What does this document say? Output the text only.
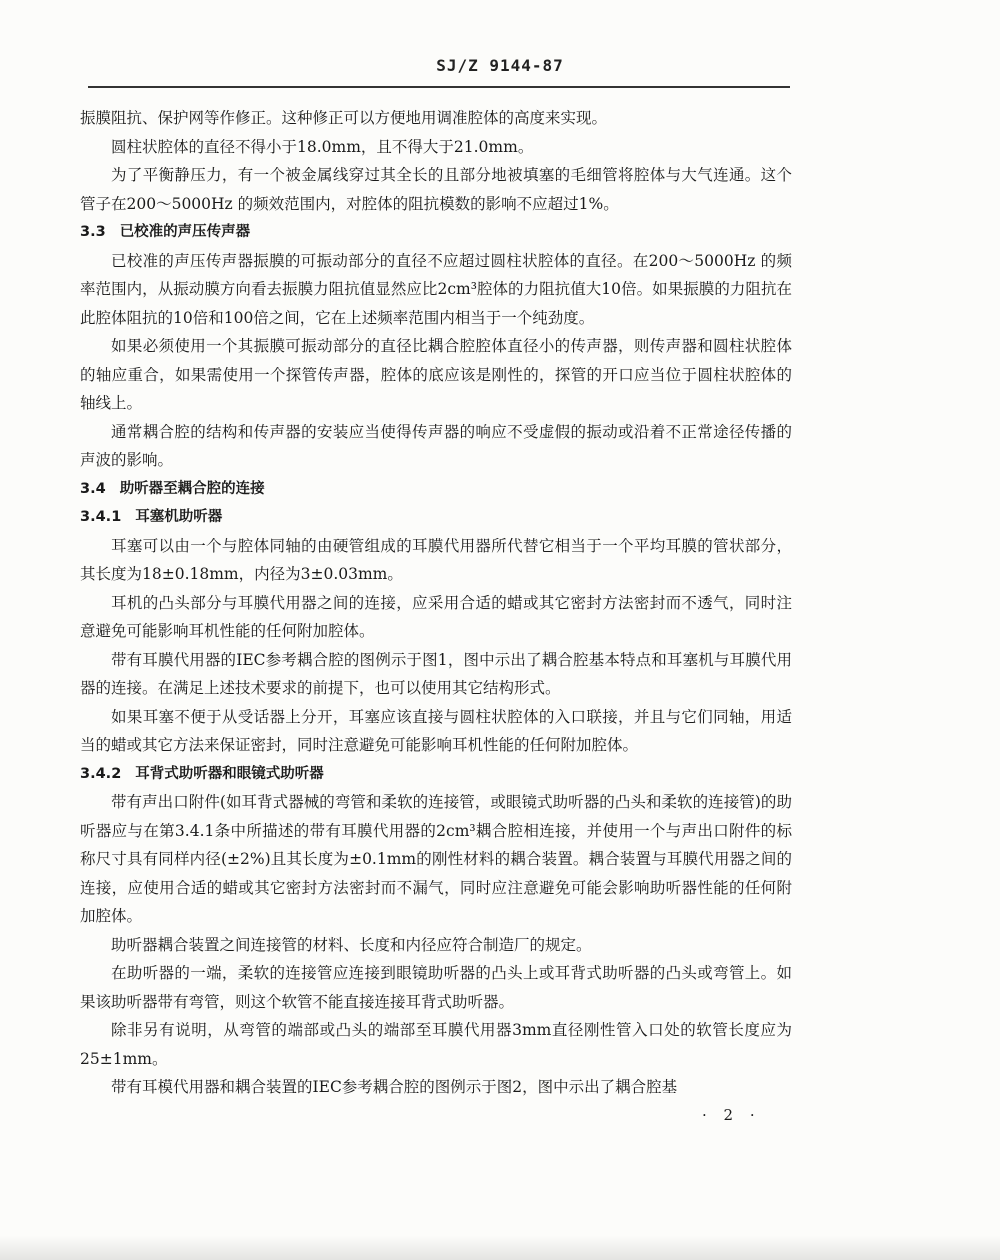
SJ/Z 9144-87

振膜阻抗、保护网等作修正。这种修正可以方便地用调准腔体的高度来实现。

圆柱状腔体的直径不得小于18.0mm，且不得大于21.0mm。

为了平衡静压力，有一个被金属线穿过其全长的且部分地被填塞的毛细管将腔体与大气连通。这个管子在200～5000Hz 的频效范围内，对腔体的阻抗模数的影响不应超过1%。

3.3 已校准的声压传声器

已校准的声压传声器振膜的可振动部分的直径不应超过圆柱状腔体的直径。在200～5000Hz 的频率范围内，从振动膜方向看去振膜力阻抗值显然应比2cm³腔体的力阻抗值大10倍。如果振膜的力阻抗在此腔体阻抗的10倍和100倍之间，它在上述频率范围内相当于一个纯劲度。

如果必须使用一个其振膜可振动部分的直径比耦合腔腔体直径小的传声器，则传声器和圆柱状腔体的轴应重合，如果需使用一个探管传声器，腔体的底应该是刚性的，探管的开口应当位于圆柱状腔体的轴线上。

通常耦合腔的结构和传声器的安装应当使得传声器的响应不受虚假的振动或沿着不正常途径传播的声波的影响。

3.4 助听器至耦合腔的连接

3.4.1 耳塞机助听器

耳塞可以由一个与腔体同轴的由硬管组成的耳膜代用器所代替它相当于一个平均耳膜的管状部分，其长度为18±0.18mm，内径为3±0.03mm。

耳机的凸头部分与耳膜代用器之间的连接，应采用合适的蜡或其它密封方法密封而不透气，同时注意避免可能影响耳机性能的任何附加腔体。

带有耳膜代用器的IEC参考耦合腔的图例示于图1，图中示出了耦合腔基本特点和耳塞机与耳膜代用器的连接。在满足上述技术要求的前提下，也可以使用其它结构形式。

如果耳塞不便于从受话器上分开，耳塞应该直接与圆柱状腔体的入口联接，并且与它们同轴，用适当的蜡或其它方法来保证密封，同时注意避免可能影响耳机性能的任何附加腔体。

3.4.2 耳背式助听器和眼镜式助听器

带有声出口附件(如耳背式器械的弯管和柔软的连接管，或眼镜式助听器的凸头和柔软的连接管)的助听器应与在第3.4.1条中所描述的带有耳膜代用器的2cm³耦合腔相连接，并使用一个与声出口附件的标称尺寸具有同样内径(±2%)且其长度为±0.1mm的刚性材料的耦合装置。耦合装置与耳膜代用器之间的连接，应使用合适的蜡或其它密封方法密封而不漏气，同时应注意避免可能会影响助听器性能的任何附加腔体。

助听器耦合装置之间连接管的材料、长度和内径应符合制造厂的规定。

在助听器的一端，柔软的连接管应连接到眼镜助听器的凸头上或耳背式助听器的凸头或弯管上。如果该助听器带有弯管，则这个软管不能直接连接耳背式助听器。

除非另有说明，从弯管的端部或凸头的端部至耳膜代用器3mm直径刚性管入口处的软管长度应为25±1mm。

带有耳模代用器和耦合装置的IEC参考耦合腔的图例示于图2，图中示出了耦合腔基

· 2 ·
